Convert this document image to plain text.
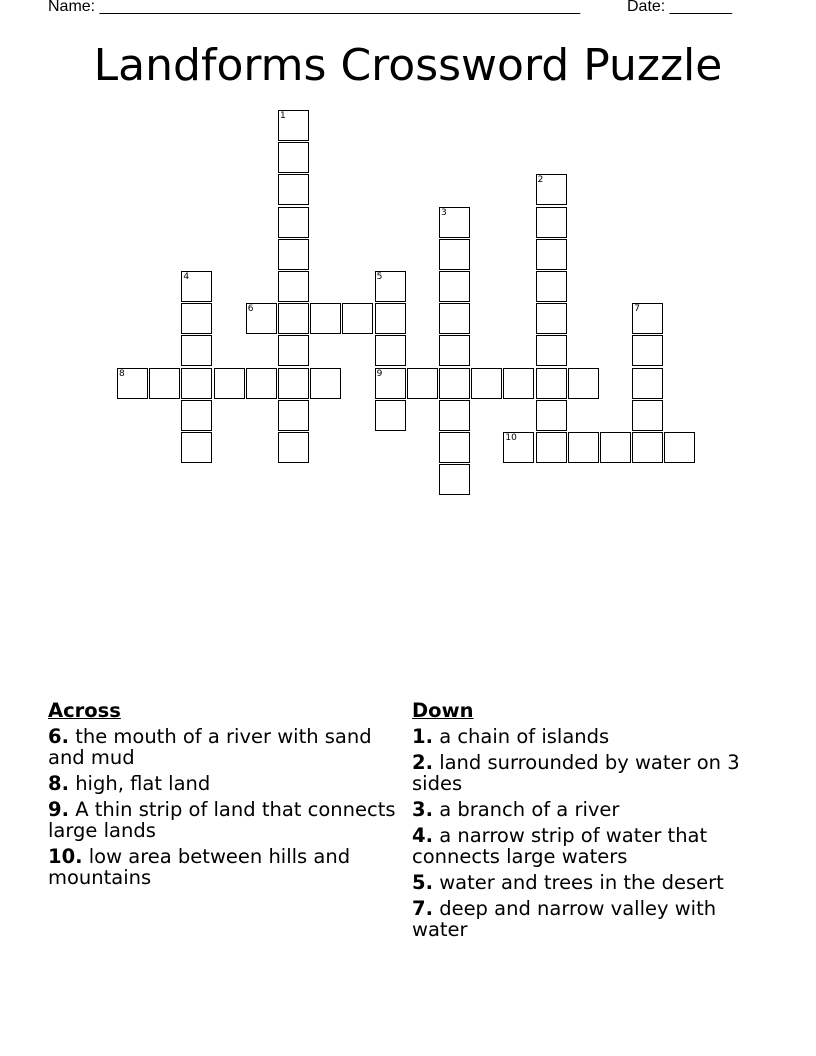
Name: ______________________________________________________	Date: _______
Landforms Crossword Puzzle
1
2
3
4	5
9
6	7
8
10
Across
6. the mouth of a river with sand and mud
8. high, flat land
9. A thin strip of land that connects large lands
10. low area between hills and mountains
Down
1. a chain of islands
2. land surrounded by water on 3 sides
3. a branch of a river
4. a narrow strip of water that connects large waters
5. water and trees in the desert
7. deep and narrow valley with water
